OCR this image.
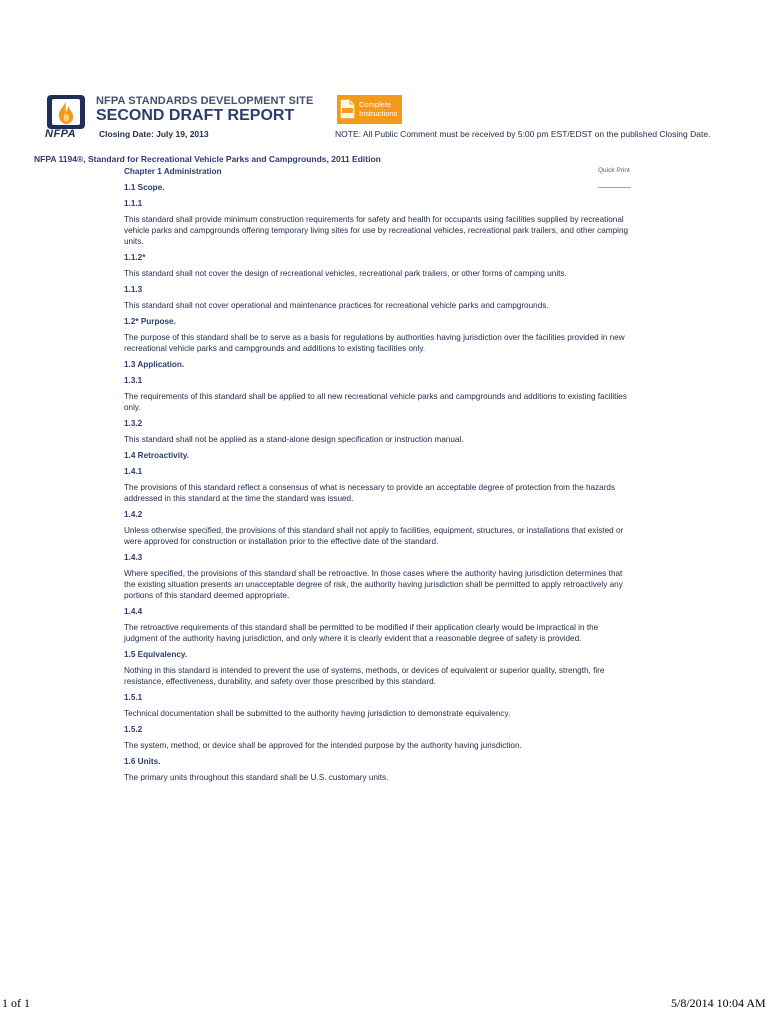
NFPA
NFPA STANDARDS DEVELOPMENT SITE
SECOND DRAFT REPORT
Closing Date: July 19, 2013
Complete Instructions
NOTE: All Public Comment must be received by 5:00 pm EST/EDST on the published Closing Date.
NFPA 1194®, Standard for Recreational Vehicle Parks and Campgrounds, 2011 Edition
Quick Print
Chapter 1 Administration
1.1 Scope.
1.1.1
This standard shall provide minimum construction requirements for safety and health for occupants using facilities supplied by recreational vehicle parks and campgrounds offering temporary living sites for use by recreational vehicles, recreational park trailers, and other camping units.
1.1.2*
This standard shall not cover the design of recreational vehicles, recreational park trailers, or other forms of camping units.
1.1.3
This standard shall not cover operational and maintenance practices for recreational vehicle parks and campgrounds.
1.2* Purpose.
The purpose of this standard shall be to serve as a basis for regulations by authorities having jurisdiction over the facilities provided in new recreational vehicle parks and campgrounds and additions to existing facilities only.
1.3 Application.
1.3.1
The requirements of this standard shall be applied to all new recreational vehicle parks and campgrounds and additions to existing facilities only.
1.3.2
This standard shall not be applied as a stand-alone design specification or instruction manual.
1.4 Retroactivity.
1.4.1
The provisions of this standard reflect a consensus of what is necessary to provide an acceptable degree of protection from the hazards addressed in this standard at the time the standard was issued.
1.4.2
Unless otherwise specified, the provisions of this standard shall not apply to facilities, equipment, structures, or installations that existed or were approved for construction or installation prior to the effective date of the standard.
1.4.3
Where specified, the provisions of this standard shall be retroactive. In those cases where the authority having jurisdiction determines that the existing situation presents an unacceptable degree of risk, the authority having jurisdiction shall be permitted to apply retroactively any portions of this standard deemed appropriate.
1.4.4
The retroactive requirements of this standard shall be permitted to be modified if their application clearly would be impractical in the judgment of the authority having jurisdiction, and only where it is clearly evident that a reasonable degree of safety is provided.
1.5 Equivalency.
Nothing in this standard is intended to prevent the use of systems, methods, or devices of equivalent or superior quality, strength, fire resistance, effectiveness, durability, and safety over those prescribed by this standard.
1.5.1
Technical documentation shall be submitted to the authority having jurisdiction to demonstrate equivalency.
1.5.2
The system, method, or device shall be approved for the intended purpose by the authority having jurisdiction.
1.6 Units.
The primary units throughout this standard shall be U.S. customary units.
1 of 1	5/8/2014 10:04 AM
